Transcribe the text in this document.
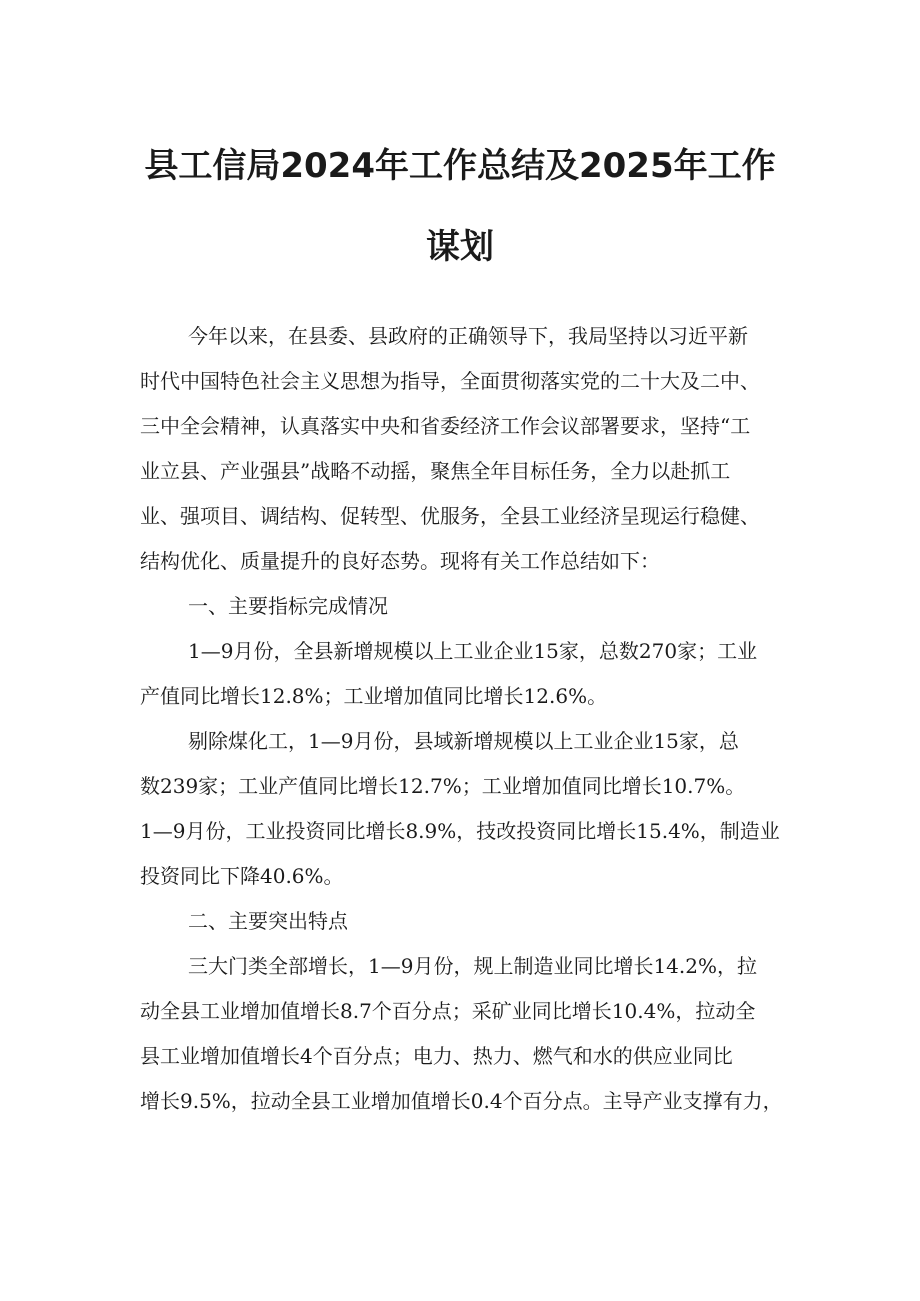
县工信局2024年工作总结及2025年工作
谋划

今年以来，在县委、县政府的正确领导下，我局坚持以习近平新

时代中国特色社会主义思想为指导，全面贯彻落实党的二十大及二中、

三中全会精神，认真落实中央和省委经济工作会议部署要求，坚持“工

业立县、产业强县”战略不动摇，聚焦全年目标任务，全力以赴抓工

业、强项目、调结构、促转型、优服务，全县工业经济呈现运行稳健、

结构优化、质量提升的良好态势。现将有关工作总结如下：

一、主要指标完成情况

1—9月份，全县新增规模以上工业企业15家，总数270家；工业

产值同比增长12.8%；工业增加值同比增长12.6%。

剔除煤化工，1—9月份，县域新增规模以上工业企业15家，总

数239家；工业产值同比增长12.7%；工业增加值同比增长10.7%。

1—9月份，工业投资同比增长8.9%，技改投资同比增长15.4%，制造业

投资同比下降40.6%。

二、主要突出特点

三大门类全部增长，1—9月份，规上制造业同比增长14.2%，拉

动全县工业增加值增长8.7个百分点；采矿业同比增长10.4%，拉动全

县工业增加值增长4个百分点；电力、热力、燃气和水的供应业同比

增长9.5%，拉动全县工业增加值增长0.4个百分点。主导产业支撑有力，
